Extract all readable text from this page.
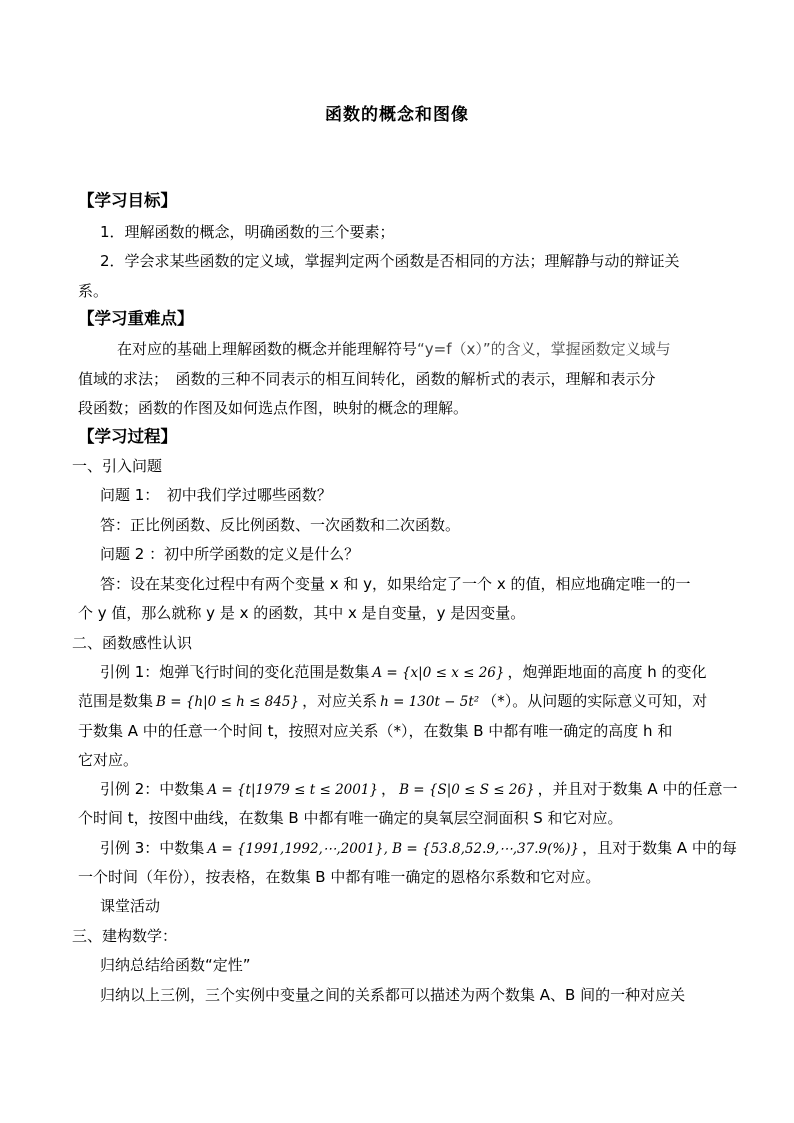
函数的概念和图像
【学习目标】
1．理解函数的概念，明确函数的三个要素；
2．学会求某些函数的定义域，掌握判定两个函数是否相同的方法；理解静与动的辩证关
系。
【学习重难点】
在对应的基础上理解函数的概念并能理解符号“y=f（x）”的含义，掌握函数定义域与
值域的求法；　函数的三种不同表示的相互间转化，函数的解析式的表示，理解和表示分
段函数；函数的作图及如何选点作图，映射的概念的理解。
【学习过程】
一、引入问题
问题 1：　初中我们学过哪些函数？
答：正比例函数、反比例函数、一次函数和二次函数。
问题 2 ：初中所学函数的定义是什么？
答：设在某变化过程中有两个变量 x 和 y，如果给定了一个 x 的值，相应地确定唯一的一
个 y 值，那么就称 y 是 x 的函数，其中 x 是自变量，y 是因变量。
二、函数感性认识
引例 1：炮弹飞行时间的变化范围是数集 A = {x|0 ≤ x ≤ 26} ，炮弹距地面的高度 h 的变化
范围是数集 B = {h|0 ≤ h ≤ 845} ，对应关系 h = 130t − 5t² （*）。从问题的实际意义可知，对
于数集 A 中的任意一个时间 t，按照对应关系（*），在数集 B 中都有唯一确定的高度 h 和
它对应。
引例 2：中数集 A = {t|1979 ≤ t ≤ 2001} ， B = {S|0 ≤ S ≤ 26} ，并且对于数集 A 中的任意一
个时间 t，按图中曲线，在数集 B 中都有唯一确定的臭氧层空洞面积 S 和它对应。
引例 3：中数集 A = {1991,1992,⋯,2001}, B = {53.8,52.9,⋯,37.9(%)} ，且对于数集 A 中的每
一个时间（年份），按表格，在数集 B 中都有唯一确定的恩格尔系数和它对应。
课堂活动
三、建构数学：
归纳总结给函数“定性”
归纳以上三例，三个实例中变量之间的关系都可以描述为两个数集 A、B 间的一种对应关
